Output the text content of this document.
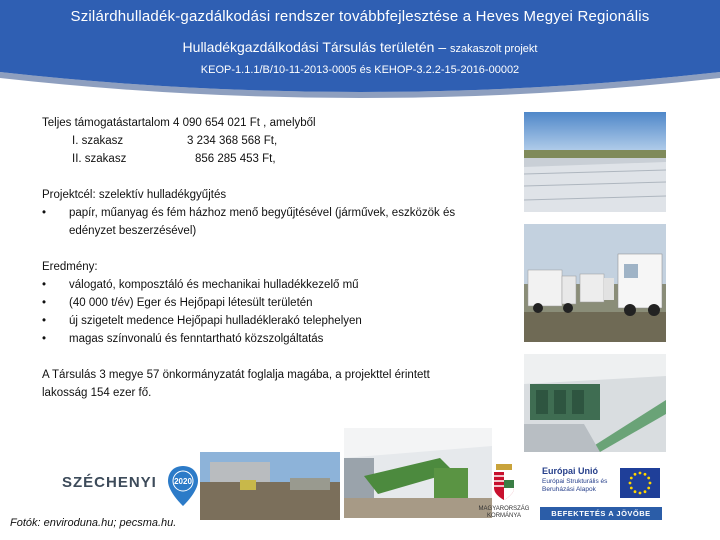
Szilárdhulladék-gazdálkodási rendszer továbbfejlesztése a Heves Megyei Regionális
Hulladékgazdálkodási Társulás területén – szakaszolt projekt
KEOP-1.1.1/B/10-11-2013-0005 és KEHOP-3.2.2-15-2016-00002
Teljes támogatástartalom 4 090 654 021 Ft , amelyből
I. szakasz	3 234 368 568 Ft,
II. szakasz	856 285 453 Ft,
Projektcél: szelektív hulladékgyűjtés
• papír, műanyag és fém házhoz menő begyűjtésével (járművek, eszközök és
edényzet beszerzésével)
Eredmény:
• válogató, komposztáló és mechanikai hulladékkezelő mű
• (40 000 t/év) Eger és Hejőpapi létesült területén
• új szigetelt medence Hejőpapi hulladéklerakó telephelyen
• magas színvonalú és fenntartható közszolgáltatás
A Társulás 3 megye 57 önkormányzatát foglalja magába, a projekttel érintett
lakosság 154 ezer fő.
SZÉCHENYI	2020
MAGYARORSZÁG KORMÁNYA
Európai Unió
Európai Strukturális és Beruházási Alapok
BEFEKTETÉS A JÖVŐBE
Fotók: enviroduna.hu; pecsma.hu.
